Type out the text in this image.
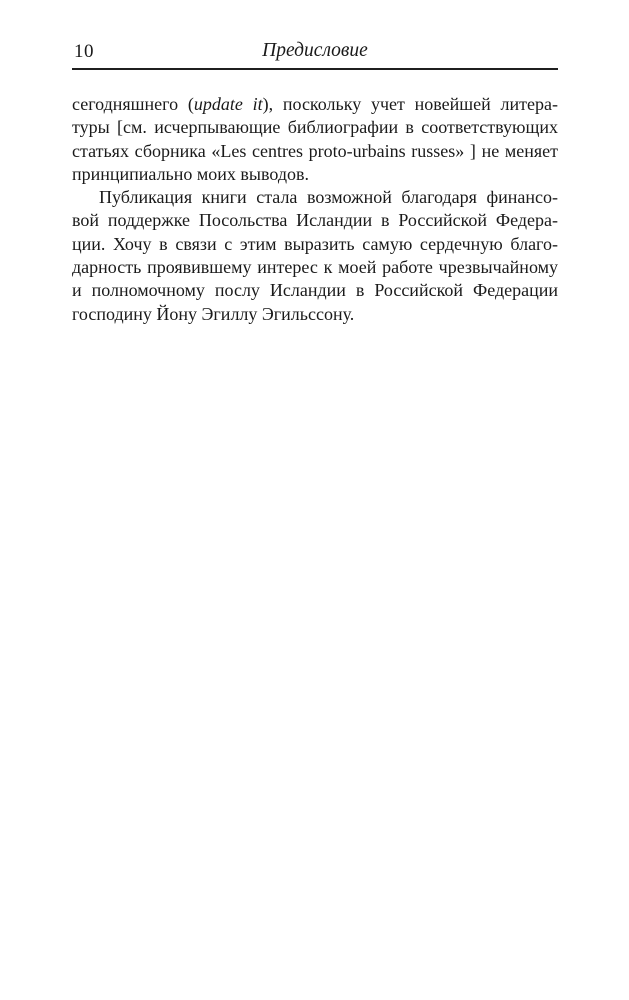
10	Предисловие
сегодняшнего (update it), поскольку учет новейшей литера-
туры [см. исчерпывающие библиографии в соответствующих
статьях сборника «Les centres proto-urbains russes» ] не меняет
принципиально моих выводов.
Публикация книги стала возможной благодаря финансо-
вой поддержке Посольства Исландии в Российской Федера-
ции. Хочу в связи с этим выразить самую сердечную благо-
дарность проявившему интерес к моей работе чрезвычайному
и полномочному послу Исландии в Российской Федерации
господину Йону Эгиллу Эгильссону.
